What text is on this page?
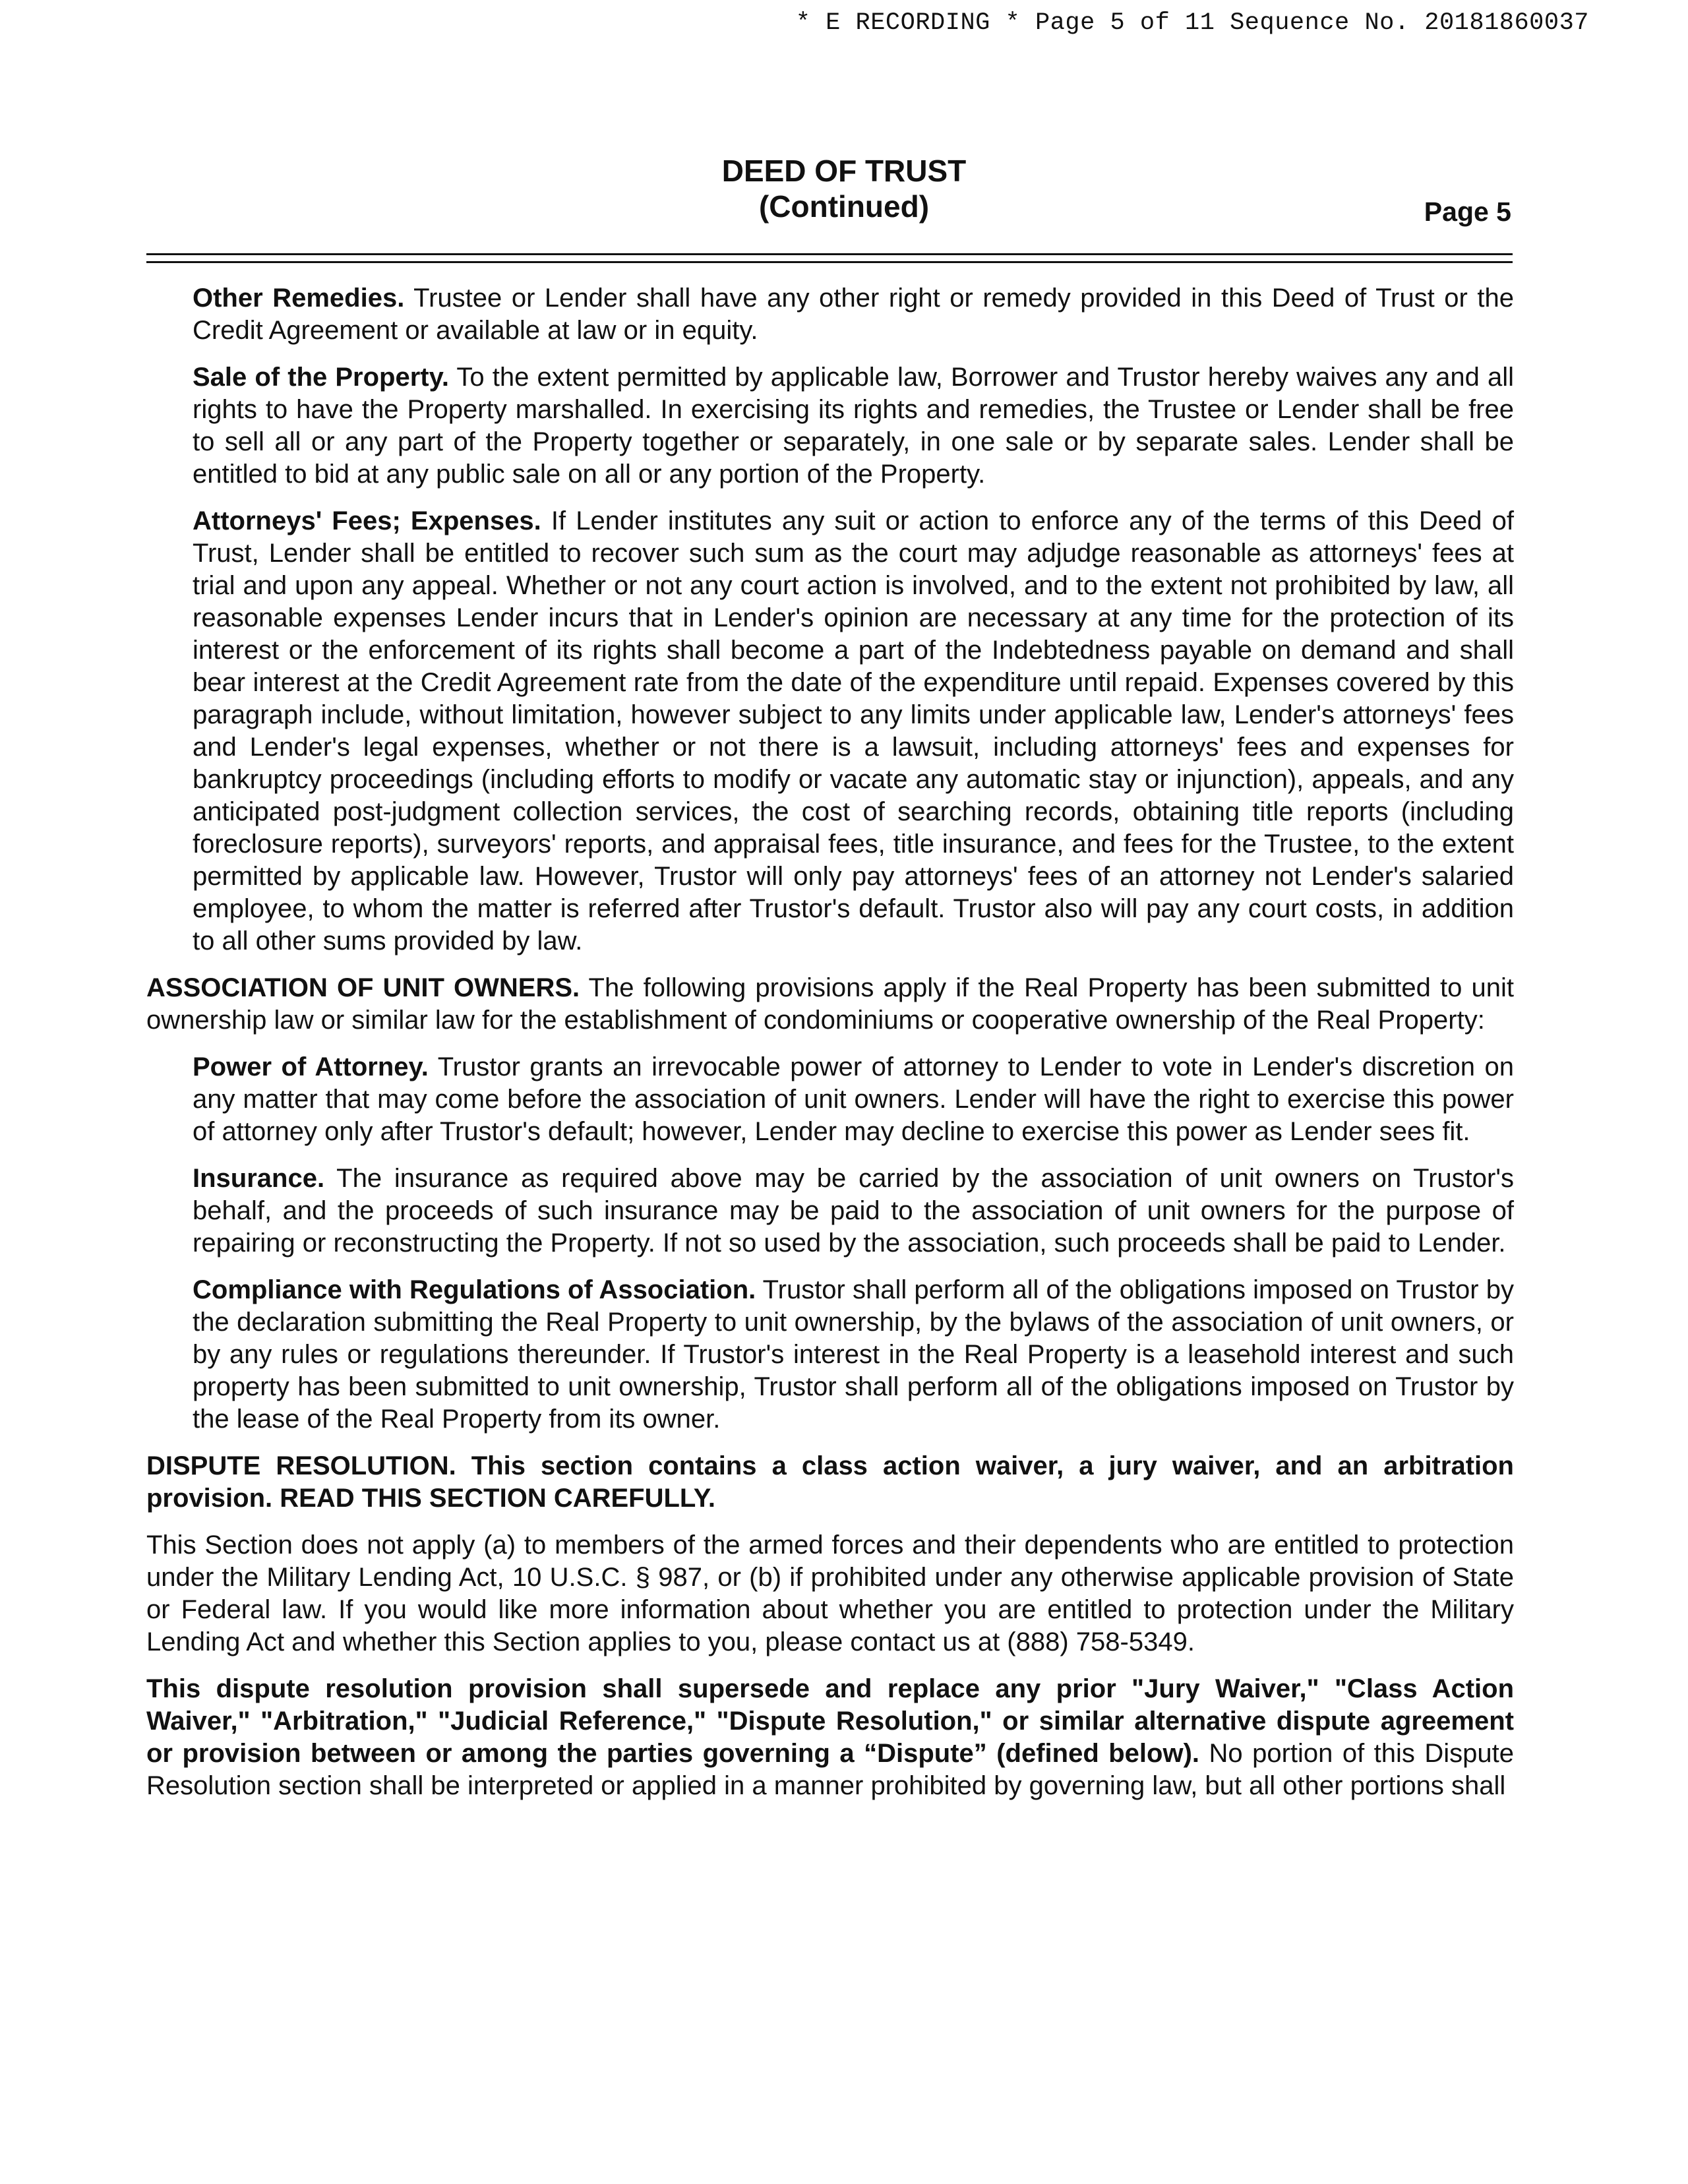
* E RECORDING * Page 5 of 11 Sequence No. 20181860037
DEED OF TRUST
(Continued)	Page 5

Other Remedies. Trustee or Lender shall have any other right or remedy provided in this Deed of Trust or the Credit Agreement or available at law or in equity.

Sale of the Property. To the extent permitted by applicable law, Borrower and Trustor hereby waives any and all rights to have the Property marshalled. In exercising its rights and remedies, the Trustee or Lender shall be free to sell all or any part of the Property together or separately, in one sale or by separate sales. Lender shall be entitled to bid at any public sale on all or any portion of the Property.

Attorneys' Fees; Expenses. If Lender institutes any suit or action to enforce any of the terms of this Deed of Trust, Lender shall be entitled to recover such sum as the court may adjudge reasonable as attorneys' fees at trial and upon any appeal. Whether or not any court action is involved, and to the extent not prohibited by law, all reasonable expenses Lender incurs that in Lender's opinion are necessary at any time for the protection of its interest or the enforcement of its rights shall become a part of the Indebtedness payable on demand and shall bear interest at the Credit Agreement rate from the date of the expenditure until repaid. Expenses covered by this paragraph include, without limitation, however subject to any limits under applicable law, Lender's attorneys' fees and Lender's legal expenses, whether or not there is a lawsuit, including attorneys' fees and expenses for bankruptcy proceedings (including efforts to modify or vacate any automatic stay or injunction), appeals, and any anticipated post-judgment collection services, the cost of searching records, obtaining title reports (including foreclosure reports), surveyors' reports, and appraisal fees, title insurance, and fees for the Trustee, to the extent permitted by applicable law. However, Trustor will only pay attorneys' fees of an attorney not Lender's salaried employee, to whom the matter is referred after Trustor's default. Trustor also will pay any court costs, in addition to all other sums provided by law.

ASSOCIATION OF UNIT OWNERS. The following provisions apply if the Real Property has been submitted to unit ownership law or similar law for the establishment of condominiums or cooperative ownership of the Real Property:

Power of Attorney. Trustor grants an irrevocable power of attorney to Lender to vote in Lender's discretion on any matter that may come before the association of unit owners. Lender will have the right to exercise this power of attorney only after Trustor's default; however, Lender may decline to exercise this power as Lender sees fit.

Insurance. The insurance as required above may be carried by the association of unit owners on Trustor's behalf, and the proceeds of such insurance may be paid to the association of unit owners for the purpose of repairing or reconstructing the Property. If not so used by the association, such proceeds shall be paid to Lender.

Compliance with Regulations of Association. Trustor shall perform all of the obligations imposed on Trustor by the declaration submitting the Real Property to unit ownership, by the bylaws of the association of unit owners, or by any rules or regulations thereunder. If Trustor's interest in the Real Property is a leasehold interest and such property has been submitted to unit ownership, Trustor shall perform all of the obligations imposed on Trustor by the lease of the Real Property from its owner.

DISPUTE RESOLUTION. This section contains a class action waiver, a jury waiver, and an arbitration provision. READ THIS SECTION CAREFULLY.

This Section does not apply (a) to members of the armed forces and their dependents who are entitled to protection under the Military Lending Act, 10 U.S.C. § 987, or (b) if prohibited under any otherwise applicable provision of State or Federal law. If you would like more information about whether you are entitled to protection under the Military Lending Act and whether this Section applies to you, please contact us at (888) 758-5349.

This dispute resolution provision shall supersede and replace any prior "Jury Waiver," "Class Action Waiver," "Arbitration," "Judicial Reference," "Dispute Resolution," or similar alternative dispute agreement or provision between or among the parties governing a “Dispute” (defined below). No portion of this Dispute Resolution section shall be interpreted or applied in a manner prohibited by governing law, but all other portions shall
